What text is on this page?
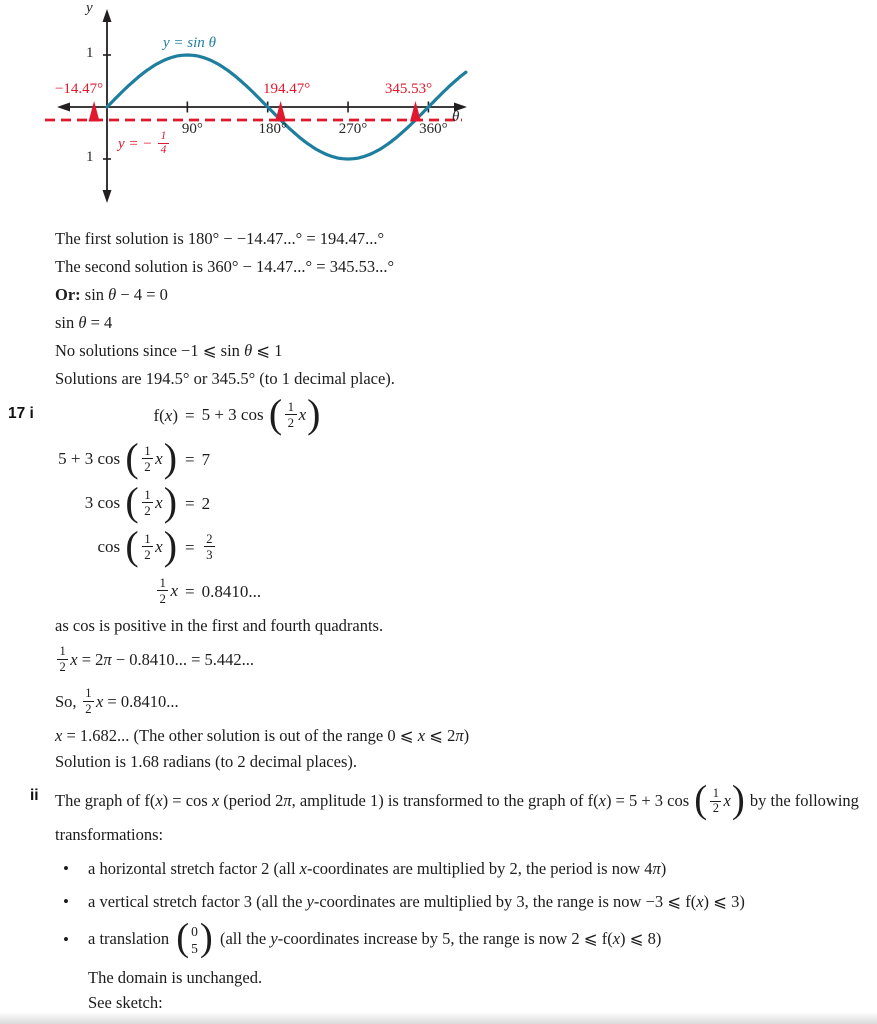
90°	180°	270°	360°
1
1
−14.47°	194.47°	345.53°
y
θ
y = sin θ
y = − $\frac{1}{4}$
The first solution is 180° − −14.47...° = 194.47...°
The second solution is 360° − 14.47...° = 345.53...°
Or: sin θ − 4 = 0
sin θ = 4
No solutions since −1 ⩽ sin θ ⩽ 1
Solutions are 194.5° or 345.5° (to 1 decimal place).
17 i	f(x) = 5 + 3 cos ( $\frac{1}{2} x$)
5 + 3 cos ( $\frac{1}{2} x) = 7$
3 cos ( $\frac{1}{2} x) = 2$
cos ( $\frac{1}{2} x) = \frac{2}{3}$
$\frac{1}{2}$ x = 0.8410...
as cos is positive in the first and fourth quadrants.
$\frac{1}{2}$ x = 2π − 0.8410... = 5.442...
So, $\frac{1}{2}$ x = 0.8410...
x = 1.682... (The other solution is out of the range 0 ⩽ x ⩽ 2π)
Solution is 1.68 radians (to 2 decimal places).
ii The graph of f(x) = cos x (period 2π, amplitude 1) is transformed to the graph of f(x) = 5 + 3 cos ( $\frac{1}{2} x$) by the following transformations:
•	a horizontal stretch factor 2 (all x-coordinates are multiplied by 2, the period is now 4π)
•	a vertical stretch factor 3 (all the y-coordinates are multiplied by 3, the range is now −3 ⩽ f(x) ⩽ 3)
•	a translation ( 0
5 ) (all the y-coordinates increase by 5, the range is now 2 ⩽ f(x) ⩽ 8)
The domain is unchanged.
See sketch:
